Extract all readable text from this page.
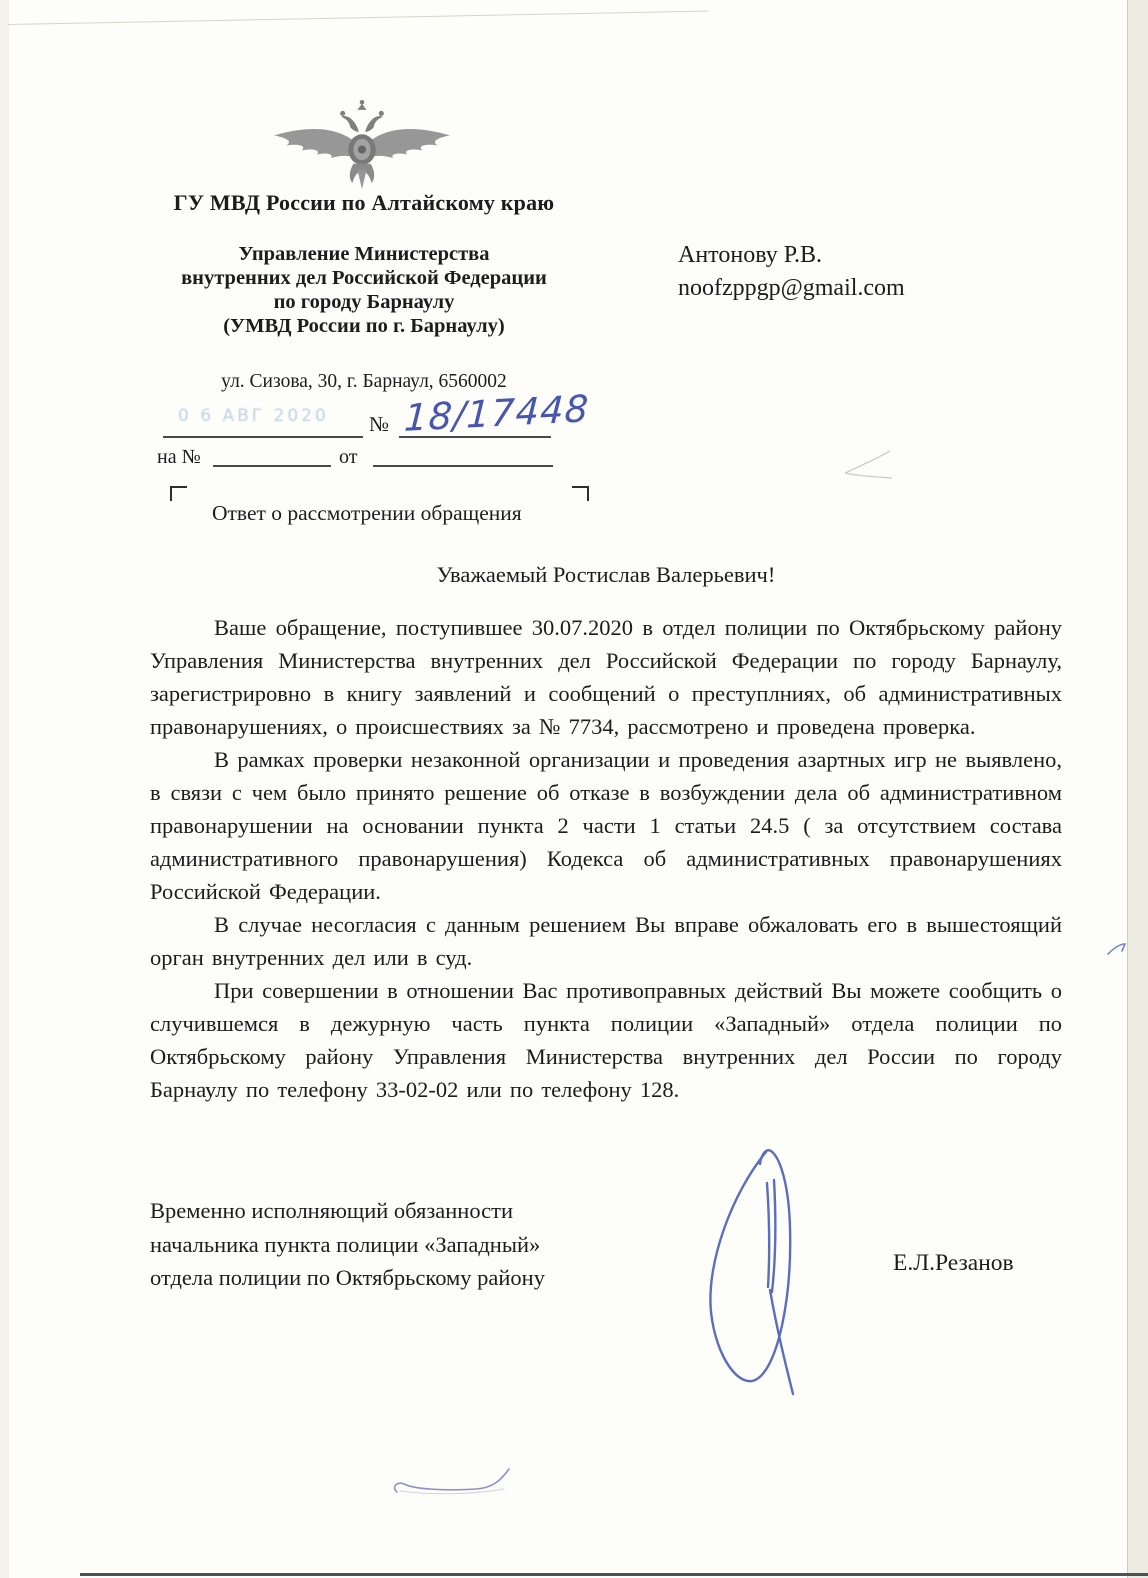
ГУ МВД России по Алтайскому краю
Управление Министерства
внутренних дел Российской Федерации
по городу Барнаулу
(УМВД России по г. Барнаулу)
ул. Сизова, 30, г. Барнаул, 6560002
0 6 АВГ 2020 № 18/17448
на №	от
Ответ о рассмотрении обращения
Антонову Р.В.
noofzppgp@gmail.com
Уважаемый Ростислав Валерьевич!

Ваше обращение, поступившее 30.07.2020 в отдел полиции по Октябрьскому району Управления Министерства внутренних дел Российской Федерации по городу Барнаулу, зарегистрировно в книгу заявлений и сообщений о преступлниях, об административных правонарушениях, о происшествиях за № 7734, рассмотрено и проведена проверка.

В рамках проверки незаконной организации и проведения азартных игр не выявлено, в связи с чем было принято решение об отказе в возбуждении дела об административном правонарушении на основании пункта 2 части 1 статьи 24.5 ( за отсутствием состава административного правонарушения) Кодекса об административных правонарушениях Российской Федерации.

В случае несогласия с данным решением Вы вправе обжаловать его в вышестоящий орган внутренних дел или в суд.

При совершении в отношении Вас противоправных действий Вы можете сообщить о случившемся в дежурную часть пункта полиции «Западный» отдела полиции по Октябрьскому району Управления Министерства внутренних дел России по городу Барнаулу по телефону 33-02-02 или по телефону 128.

Временно исполняющий обязанности
начальника пункта полиции «Западный»
отдела полиции по Октябрьскому району
Е.Л.Резанов
